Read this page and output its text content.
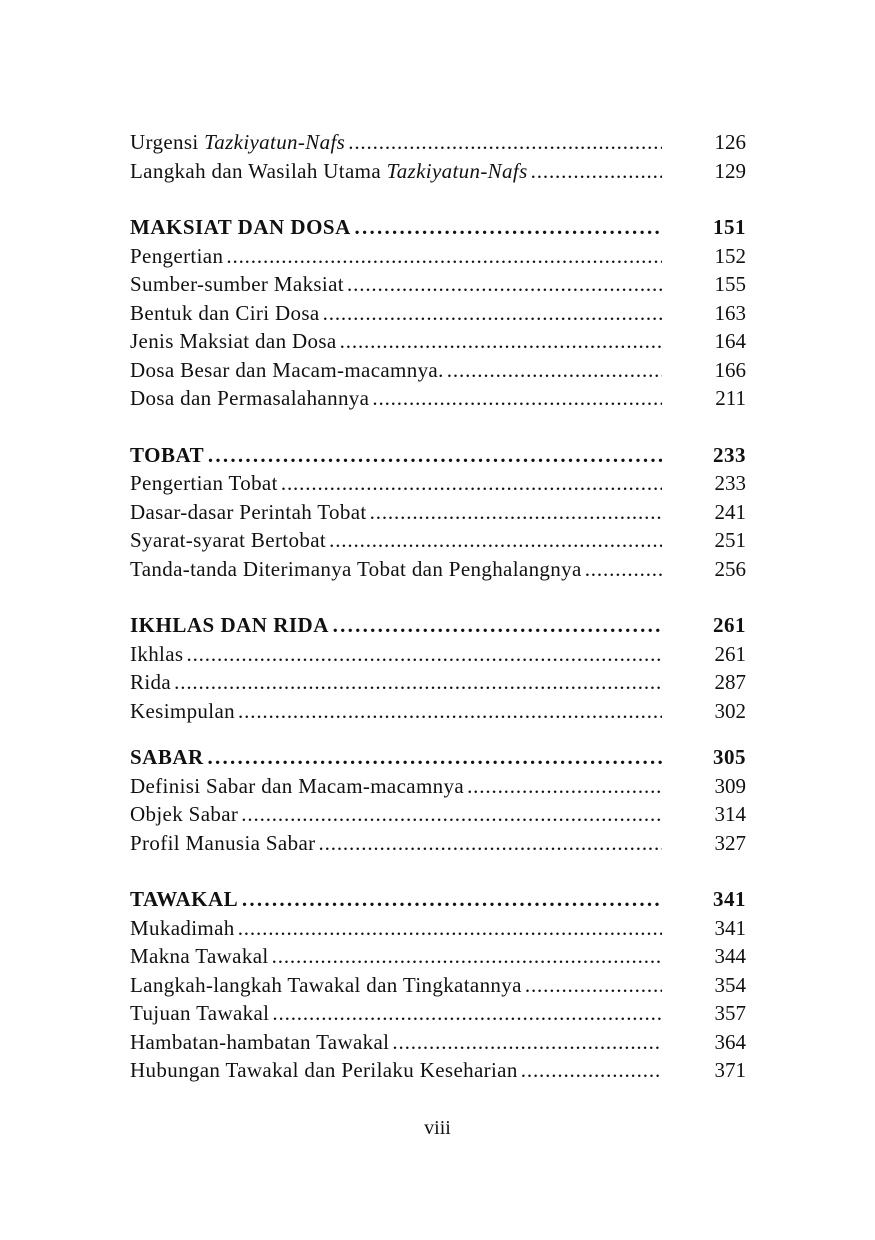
Urgensi Tazkiyatun-Nafs . . .	126
Langkah dan Wasilah Utama Tazkiyatun-Nafs . . .	129
MAKSIAT DAN DOSA . . .	151
Pengertian . . .	152
Sumber-sumber Maksiat . . .	155
Bentuk dan Ciri Dosa . . .	163
Jenis Maksiat dan Dosa . . .	164
Dosa Besar dan Macam-macamnya. . . .	166
Dosa dan Permasalahannya . . .	211
TOBAT . . .	233
Pengertian Tobat . . .	233
Dasar-dasar Perintah Tobat . . .	241
Syarat-syarat Bertobat . . .	251
Tanda-tanda Diterimanya Tobat dan Penghalangnya . . .	256
IKHLAS DAN RIDA . . .	261
Ikhlas . . .	261
Rida . . .	287
Kesimpulan . . .	302
SABAR . . .	305
Definisi Sabar dan Macam-macamnya . . .	309
Objek Sabar . . .	314
Profil Manusia Sabar . . .	327
TAWAKAL . . .	341
Mukadimah . . .	341
Makna Tawakal . . .	344
Langkah-langkah Tawakal dan Tingkatannya . . .	354
Tujuan Tawakal . . .	357
Hambatan-hambatan Tawakal . . .	364
Hubungan Tawakal dan Perilaku Keseharian . . .	371
viii
